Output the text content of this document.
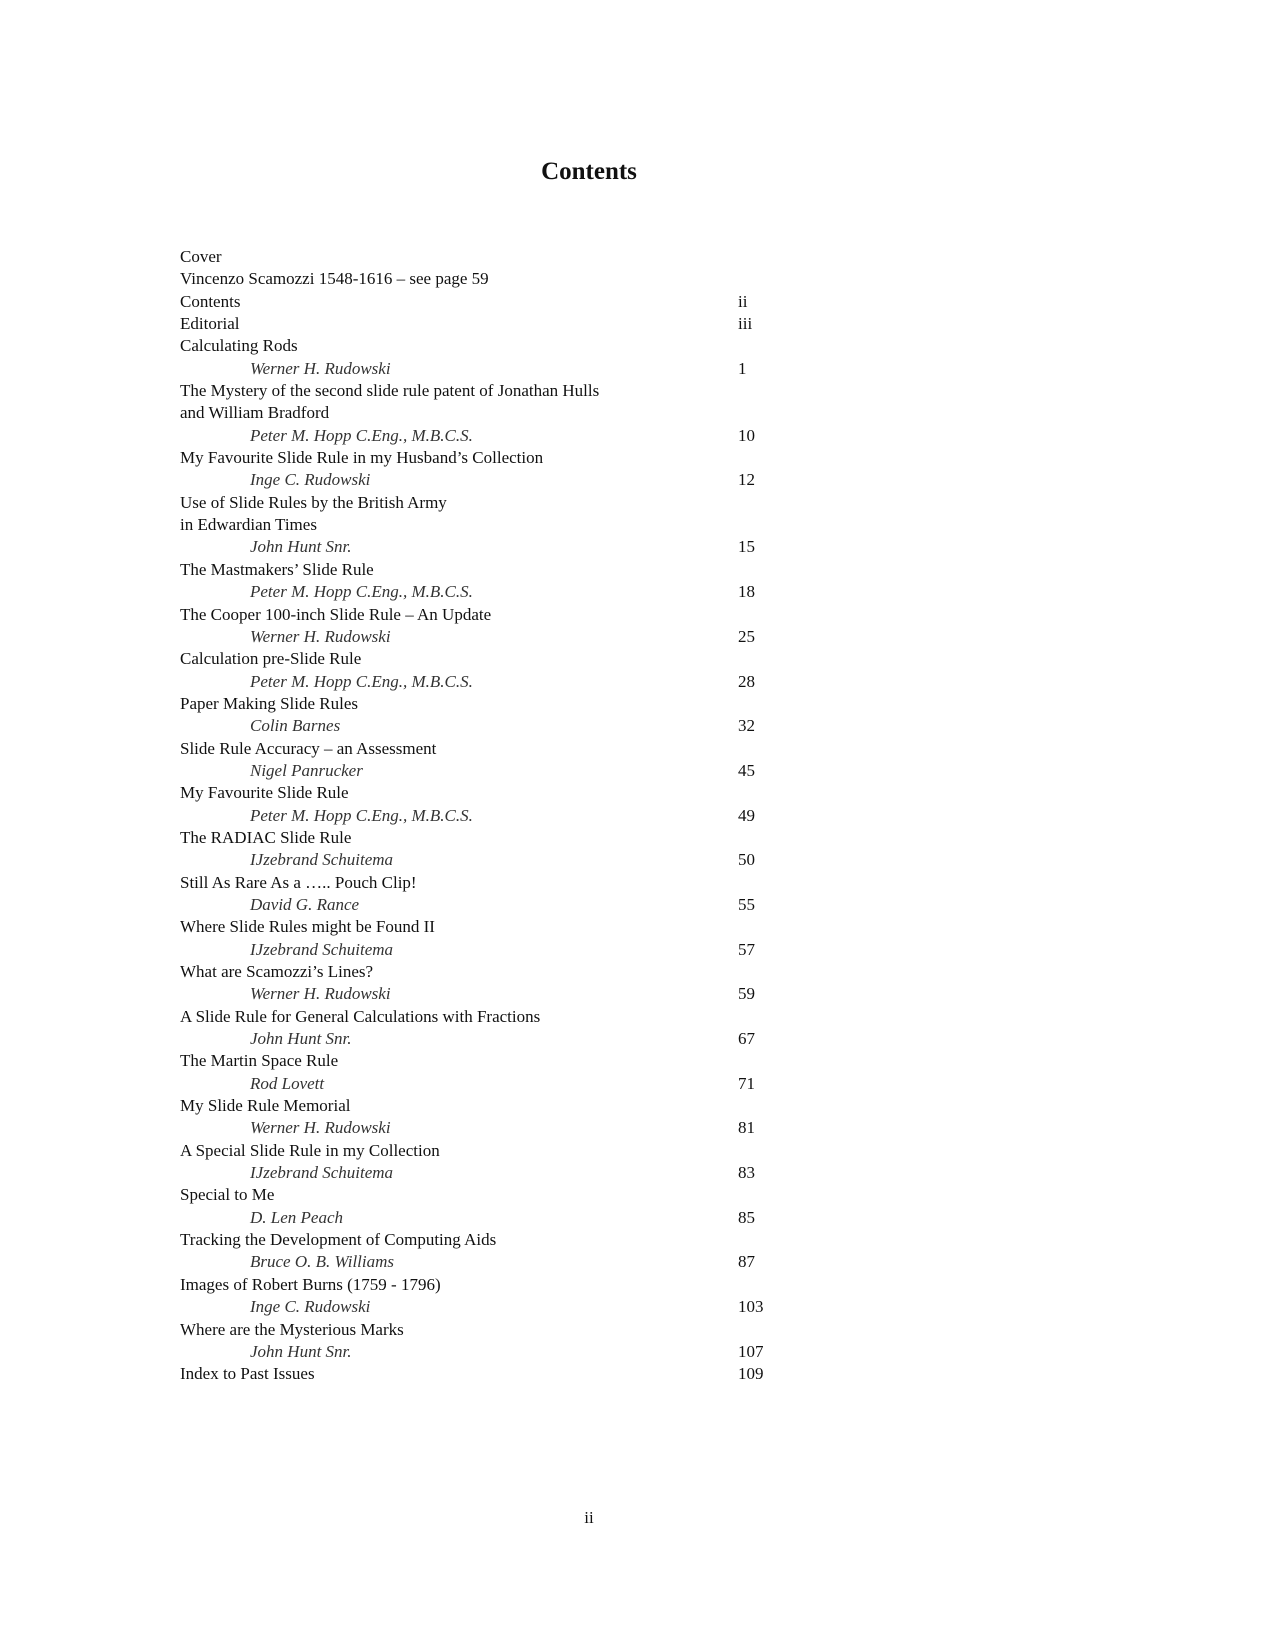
Contents
Cover
Vincenzo Scamozzi 1548-1616 – see page 59
Contents	ii
Editorial	iii
Calculating Rods
Werner H. Rudowski	1
The Mystery of the second slide rule patent of Jonathan Hulls
and William Bradford
Peter M. Hopp C.Eng., M.B.C.S.	10
My Favourite Slide Rule in my Husband’s Collection
Inge C. Rudowski	12
Use of Slide Rules by the British Army
in Edwardian Times
John Hunt Snr.	15
The Mastmakers’ Slide Rule
Peter M. Hopp C.Eng., M.B.C.S.	18
The Cooper 100-inch Slide Rule – An Update
Werner H. Rudowski	25
Calculation pre-Slide Rule
Peter M. Hopp C.Eng., M.B.C.S.	28
Paper Making Slide Rules
Colin Barnes	32
Slide Rule Accuracy – an Assessment
Nigel Panrucker	45
My Favourite Slide Rule
Peter M. Hopp C.Eng., M.B.C.S.	49
The RADIAC Slide Rule
IJzebrand Schuitema	50
Still As Rare As a ….. Pouch Clip!
David G. Rance	55
Where Slide Rules might be Found II
IJzebrand Schuitema	57
What are Scamozzi’s Lines?
Werner H. Rudowski	59
A Slide Rule for General Calculations with Fractions
John Hunt Snr.	67
The Martin Space Rule
Rod Lovett	71
My Slide Rule Memorial
Werner H. Rudowski	81
A Special Slide Rule in my Collection
IJzebrand Schuitema	83
Special to Me
D. Len Peach	85
Tracking the Development of Computing Aids
Bruce O. B. Williams	87
Images of Robert Burns (1759 - 1796)
Inge C. Rudowski	103
Where are the Mysterious Marks
John Hunt Snr.	107
Index to Past Issues	109
ii
